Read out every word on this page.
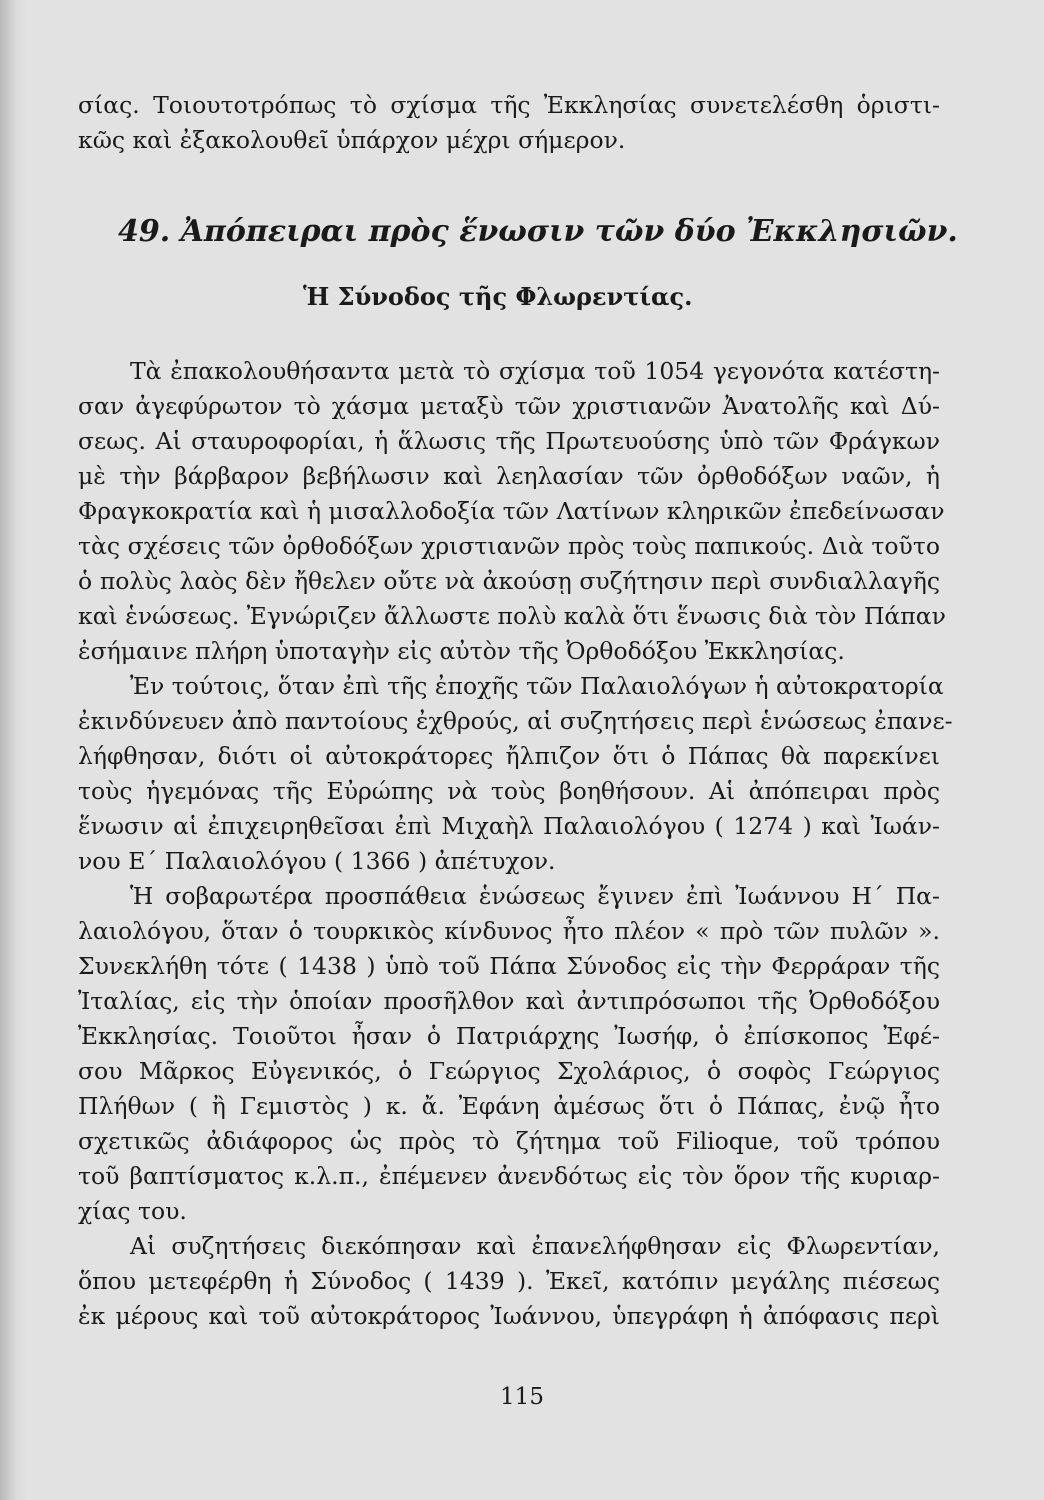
σίας. Τοιουτοτρόπως τὸ σχίσμα τῆς Ἐκκλησίας συνετελέσθη ὁριστι-

κῶς καὶ ἐξακολουθεῖ ὑπάρχον μέχρι σήμερον.

49. Ἀπόπειραι πρὸς ἕνωσιν τῶν δύο Ἐκκλησιῶν.
Ἡ Σύνοδος τῆς Φλωρεντίας.

Τὰ ἐπακολουθήσαντα μετὰ τὸ σχίσμα τοῦ 1054 γεγονότα κατέστη-

σαν ἀγεφύρωτον τὸ χάσμα μεταξὺ τῶν χριστιανῶν Ἀνατολῆς καὶ Δύ-

σεως. Αἱ σταυροφορίαι, ἡ ἅλωσις τῆς Πρωτευούσης ὑπὸ τῶν Φράγκων

μὲ τὴν βάρβαρον βεβήλωσιν καὶ λεηλασίαν τῶν ὀρθοδόξων ναῶν, ἡ

Φραγκοκρατία καὶ ἡ μισαλλοδοξία τῶν Λατίνων κληρικῶν ἐπεδείνωσαν

τὰς σχέσεις τῶν ὀρθοδόξων χριστιανῶν πρὸς τοὺς παπικούς. Διὰ τοῦτο

ὁ πολὺς λαὸς δὲν ἤθελεν οὔτε νὰ ἀκούσῃ συζήτησιν περὶ συνδιαλλαγῆς

καὶ ἑνώσεως. Ἐγνώριζεν ἄλλωστε πολὺ καλὰ ὅτι ἕνωσις διὰ τὸν Πάπαν

ἐσήμαινε πλήρη ὑποταγὴν εἰς αὐτὸν τῆς Ὀρθοδόξου Ἐκκλησίας.

Ἐν τούτοις, ὅταν ἐπὶ τῆς ἐποχῆς τῶν Παλαιολόγων ἡ αὐτοκρατορία

ἐκινδύνευεν ἀπὸ παντοίους ἐχθρούς, αἱ συζητήσεις περὶ ἑνώσεως ἐπανε-

λήφθησαν, διότι οἱ αὐτοκράτορες ἤλπιζον ὅτι ὁ Πάπας θὰ παρεκίνει

τοὺς ἡγεμόνας τῆς Εὐρώπης νὰ τοὺς βοηθήσουν. Αἱ ἀπόπειραι πρὸς

ἕνωσιν αἱ ἐπιχειρηθεῖσαι ἐπὶ Μιχαὴλ Παλαιολόγου ( 1274 ) καὶ Ἰωάν-

νου Ε΄ Παλαιολόγου ( 1366 ) ἀπέτυχον.

Ἡ σοβαρωτέρα προσπάθεια ἑνώσεως ἔγινεν ἐπὶ Ἰωάννου Η΄ Πα-

λαιολόγου, ὅταν ὁ τουρκικὸς κίνδυνος ἦτο πλέον « πρὸ τῶν πυλῶν ».

Συνεκλήθη τότε ( 1438 ) ὑπὸ τοῦ Πάπα Σύνοδος εἰς τὴν Φερράραν τῆς

Ἰταλίας, εἰς τὴν ὁποίαν προσῆλθον καὶ ἀντιπρόσωποι τῆς Ὀρθοδόξου

Ἐκκλησίας. Τοιοῦτοι ἦσαν ὁ Πατριάρχης Ἰωσήφ, ὁ ἐπίσκοπος Ἐφέ-

σου Μᾶρκος Εὐγενικός, ὁ Γεώργιος Σχολάριος, ὁ σοφὸς Γεώργιος

Πλήθων ( ἢ Γεμιστὸς ) κ. ἄ. Ἐφάνη ἀμέσως ὅτι ὁ Πάπας, ἐνῷ ἦτο

σχετικῶς ἀδιάφορος ὡς πρὸς τὸ ζήτημα τοῦ Filioque, τοῦ τρόπου

τοῦ βαπτίσματος κ.λ.π., ἐπέμενεν ἀνενδότως εἰς τὸν ὅρον τῆς κυριαρ-

χίας του.

Αἱ συζητήσεις διεκόπησαν καὶ ἐπανελήφθησαν εἰς Φλωρεντίαν,

ὅπου μετεφέρθη ἡ Σύνοδος ( 1439 ). Ἐκεῖ, κατόπιν μεγάλης πιέσεως

ἐκ μέρους καὶ τοῦ αὐτοκράτορος Ἰωάννου, ὑπεγράφη ἡ ἀπόφασις περὶ

115
